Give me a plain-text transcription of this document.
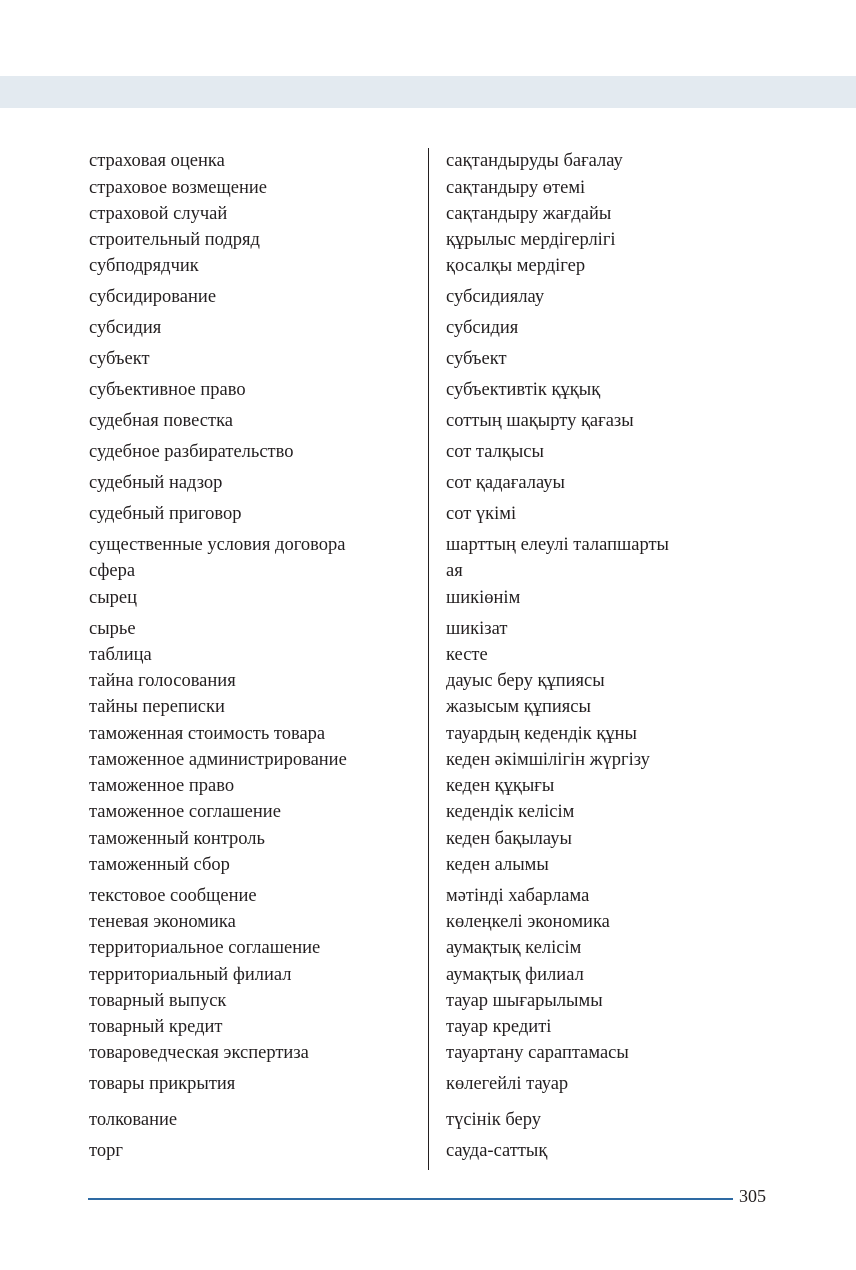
страховая оценка	сақтандыруды бағалау
страховое возмещение	сақтандыру өтемі
страховой случай	сақтандыру жағдайы
строительный подряд	құрылыс мердігерлігі
субподрядчик	қосалқы мердігер
субсидирование	субсидиялау
субсидия	субсидия
субъект	субъект
субъективное право	субъективтік құқық
судебная повестка	соттың шақырту қағазы
судебное разбирательство	сот талқысы
судебный надзор	сот қадағалауы
судебный приговор	сот үкімі
существенные условия договора	шарттың елеулі талапшарты
сфера	ая
сырец	шикіөнім
сырье	шикізат
таблица	кесте
тайна голосования	дауыс беру құпиясы
тайны переписки	жазысым құпиясы
таможенная стоимость товара	тауардың кедендік құны
таможенное администрирование	кеден әкімшілігін жүргізу
таможенное право	кеден құқығы
таможенное соглашение	кедендік келісім
таможенный контроль	кеден бақылауы
таможенный сбор	кеден алымы
текстовое сообщение	мәтінді хабарлама
теневая экономика	көлеңкелі экономика
территориальное соглашение	аумақтық келісім
территориальный филиал	аумақтық филиал
товарный выпуск	тауар шығарылымы
товарный кредит	тауар кредиті
товароведческая экспертиза	тауартану сараптамасы
товары прикрытия	көлегейлі тауар
толкование	түсінік беру
торг	сауда-саттық
305
